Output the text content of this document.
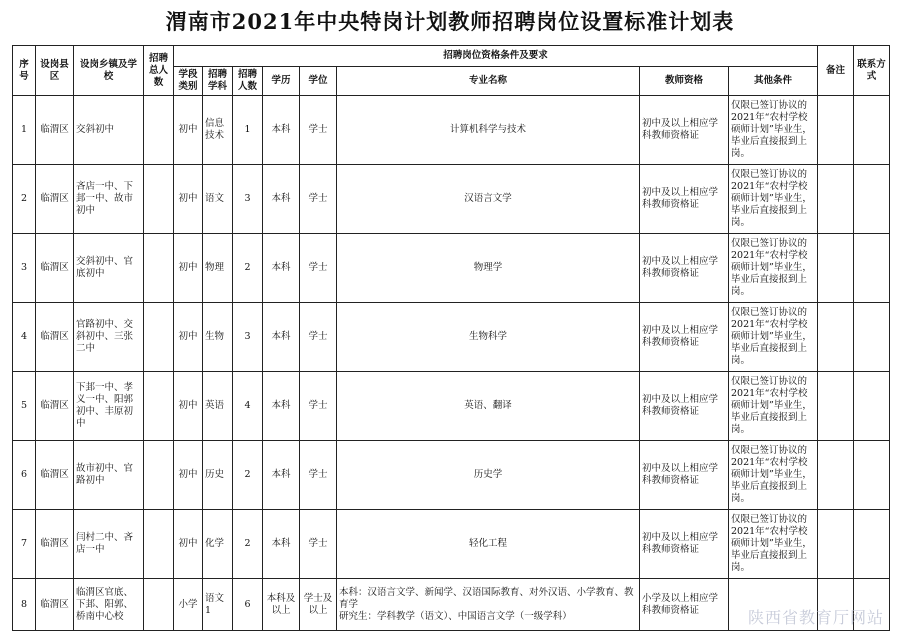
渭南市2021年中央特岗计划教师招聘岗位设置标准计划表
序号	设岗县区	设岗乡镇及学校	招聘总人数	招聘岗位资格条件及要求								备注	联系方式
				学段类别	招聘学科	招聘人数	学历	学位	专业名称	教师资格	其他条件		
1	临渭区	交斜初中		初中	信息技术	1	本科	学士	计算机科学与技术	初中及以上相应学科教师资格证	仅限已签订协议的2021年“农村学校硕师计划”毕业生，毕业后直接报到上岗。		
2	临渭区	吝店一中、下邽一中、故市初中		初中	语文	3	本科	学士	汉语言文学	初中及以上相应学科教师资格证	仅限已签订协议的2021年“农村学校硕师计划”毕业生，毕业后直接报到上岗。		
3	临渭区	交斜初中、官底初中		初中	物理	2	本科	学士	物理学	初中及以上相应学科教师资格证	仅限已签订协议的2021年“农村学校硕师计划”毕业生，毕业后直接报到上岗。		
4	临渭区	官路初中、交斜初中、三张二中		初中	生物	3	本科	学士	生物科学	初中及以上相应学科教师资格证	仅限已签订协议的2021年“农村学校硕师计划”毕业生，毕业后直接报到上岗。		
5	临渭区	下邽一中、孝义一中、阳郭初中、丰原初中		初中	英语	4	本科	学士	英语、翻译	初中及以上相应学科教师资格证	仅限已签订协议的2021年“农村学校硕师计划”毕业生，毕业后直接报到上岗。		
6	临渭区	故市初中、官路初中		初中	历史	2	本科	学士	历史学	初中及以上相应学科教师资格证	仅限已签订协议的2021年“农村学校硕师计划”毕业生，毕业后直接报到上岗。		
7	临渭区	闫村二中、吝店一中		初中	化学	2	本科	学士	轻化工程	初中及以上相应学科教师资格证	仅限已签订协议的2021年“农村学校硕师计划”毕业生，毕业后直接报到上岗。		
8	临渭区	临渭区官底、下邽、阳郭、桥南中心校		小学	语文1	6	本科及以上	学士及以上	本科：汉语言文学、新闻学、汉语国际教育、对外汉语、小学教育、教育学
研究生：学科教学（语文）、中国语言文学（一级学科）	小学及以上相应学科教师资格证				陕西省教育厅网站
